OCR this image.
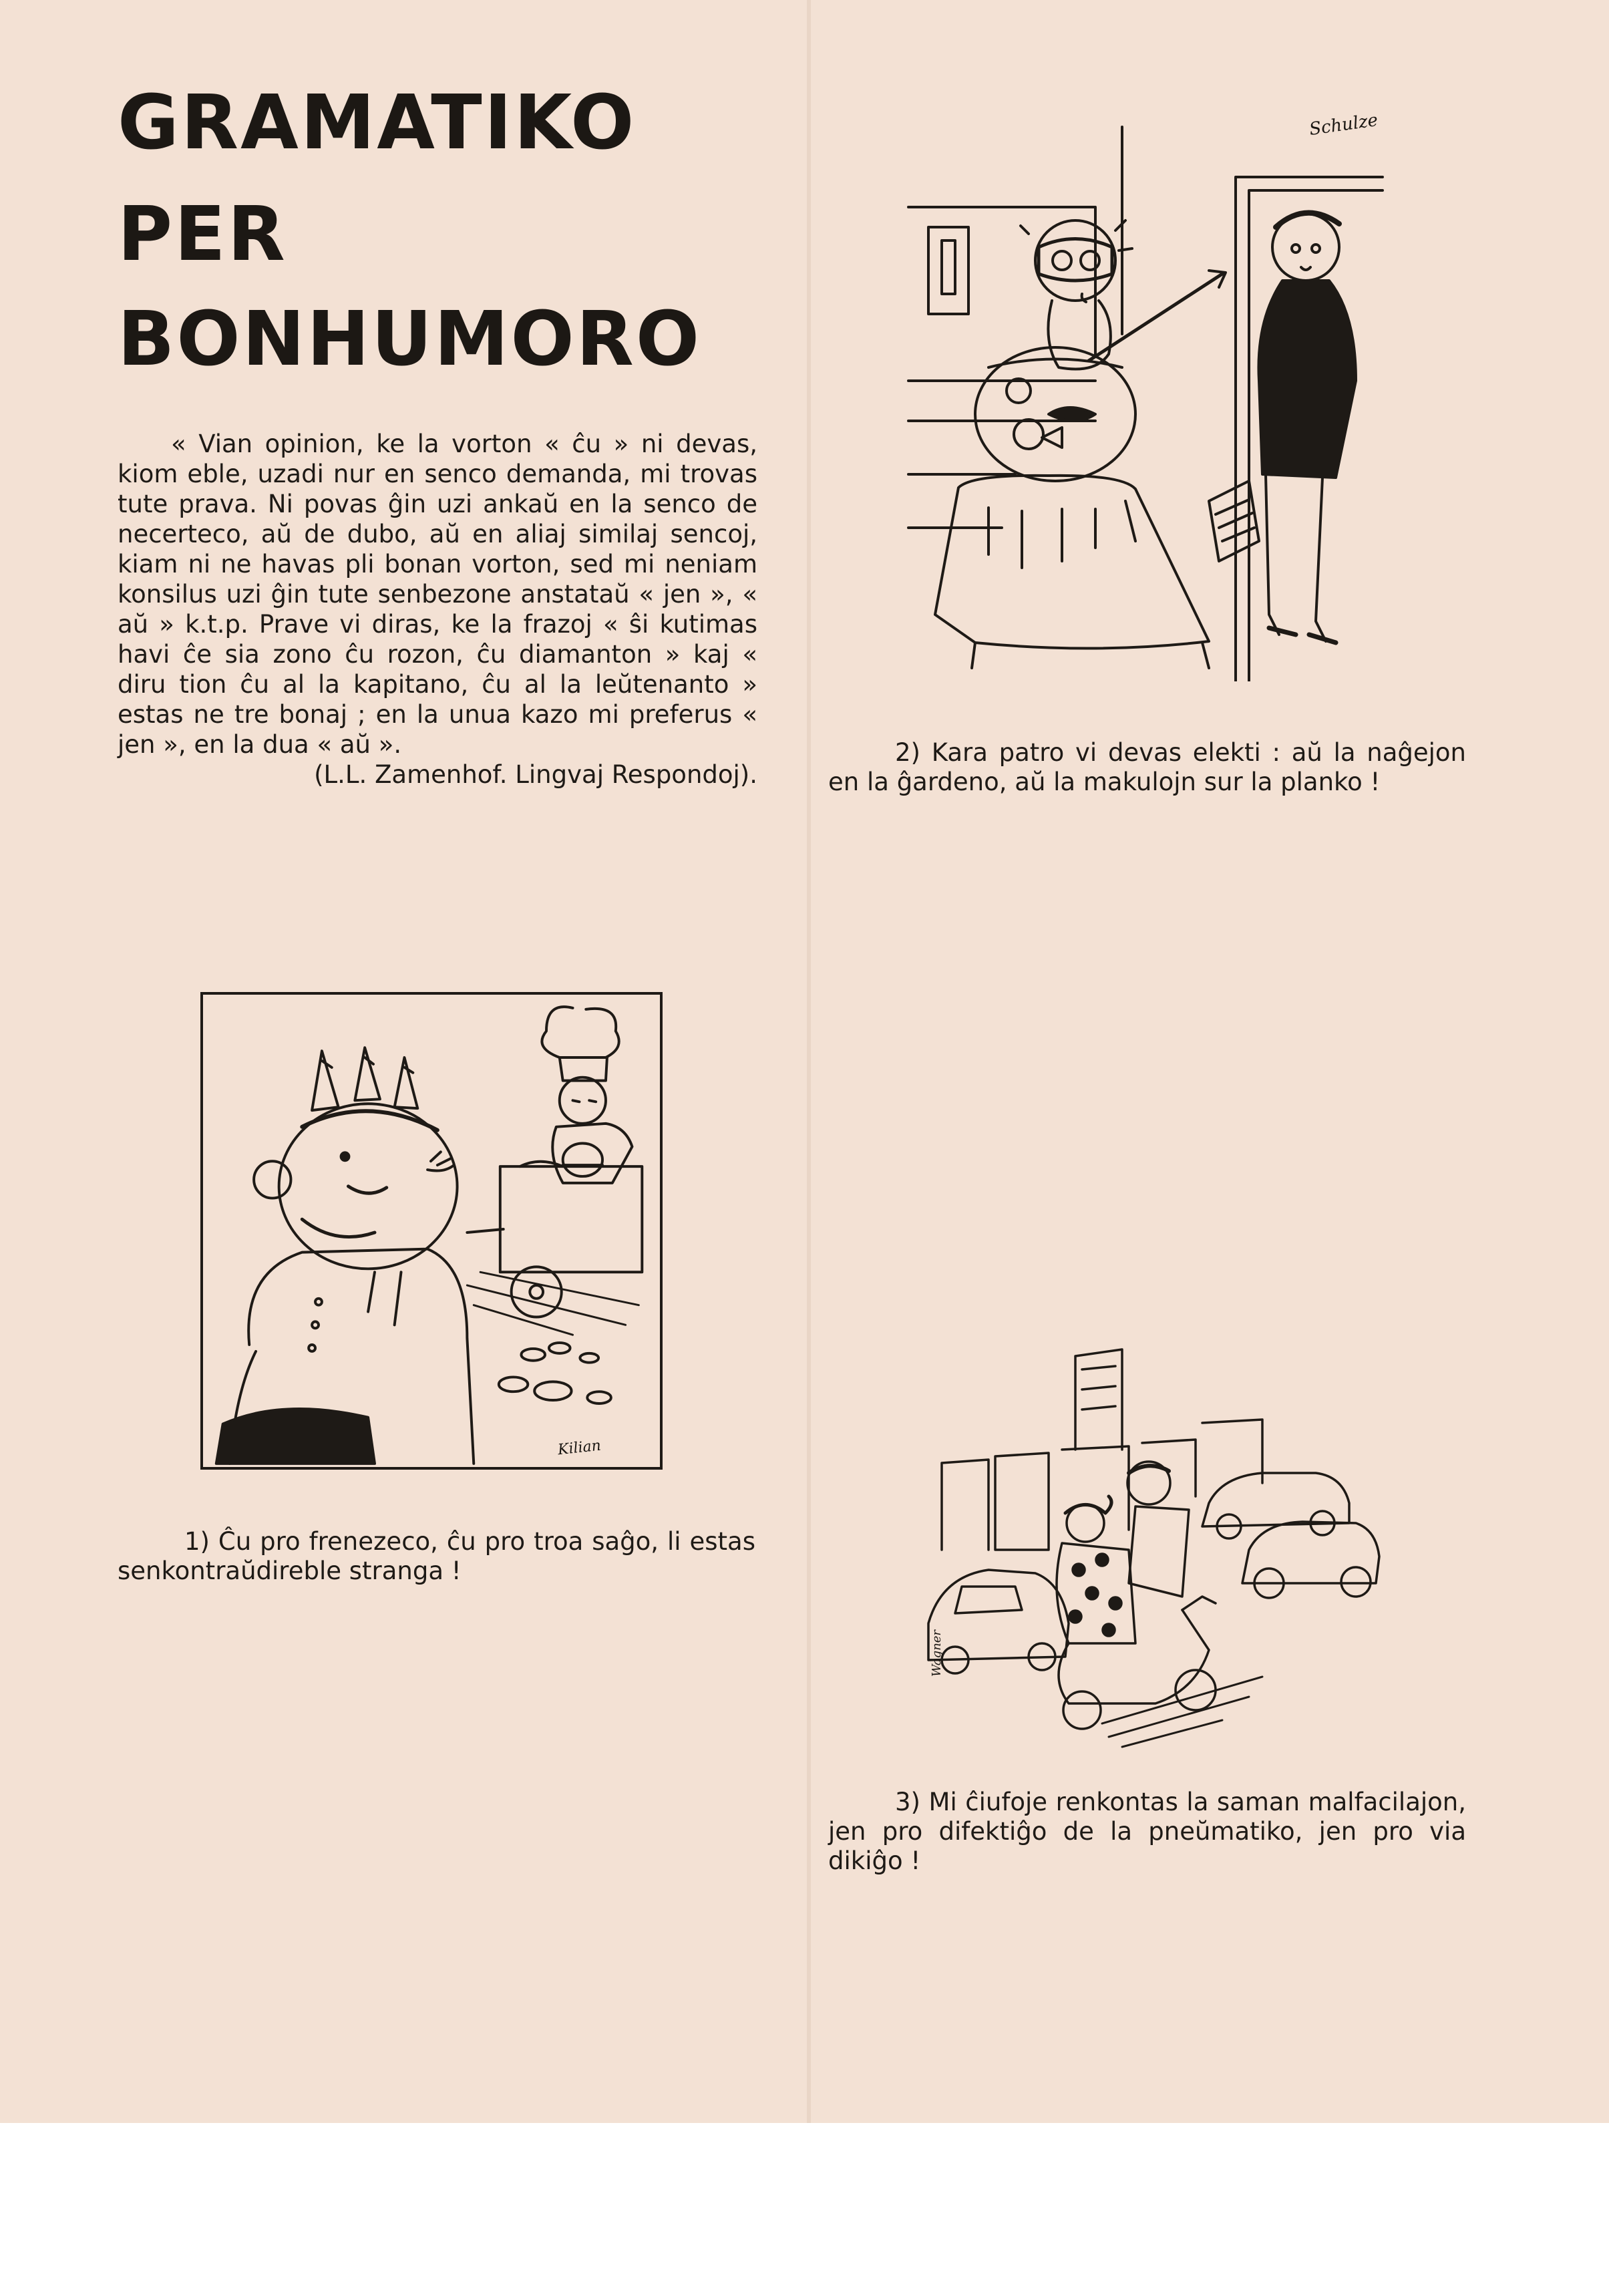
GRAMATIKO
PER
BONHUMORO
« Vian opinion, ke la vorton « ĉu » ni devas, kiom eble, uzadi nur en senco demanda, mi trovas tute prava. Ni povas ĝin uzi ankaŭ en la senco de necerteco, aŭ de dubo, aŭ en aliaj similaj sencoj, kiam ni ne havas pli bonan vorton, sed mi neniam konsilus uzi ĝin tute senbezone anstataŭ « jen », « aŭ » k.t.p. Prave vi diras, ke la frazoj « ŝi kutimas havi ĉe sia zono ĉu rozon, ĉu diamanton » kaj « diru tion ĉu al la kapitano, ĉu al la leŭtenanto » estas ne tre bonaj ; en la unua kazo mi preferus « jen », en la dua « aŭ ».
(L.L. Zamenhof. Lingvaj Respondoj).
Schulze
2) Kara patro vi devas elekti : aŭ la naĝejon en la ĝardeno, aŭ la makulojn sur la planko !
Kilian
1) Ĉu pro frenezeco, ĉu pro troa saĝo, li estas senkontraŭdireble stranga !
Wagner
3) Mi ĉiufoje renkontas la saman malfacilajon, jen pro difektiĝo de la pneŭmatiko, jen pro via dikiĝo !
